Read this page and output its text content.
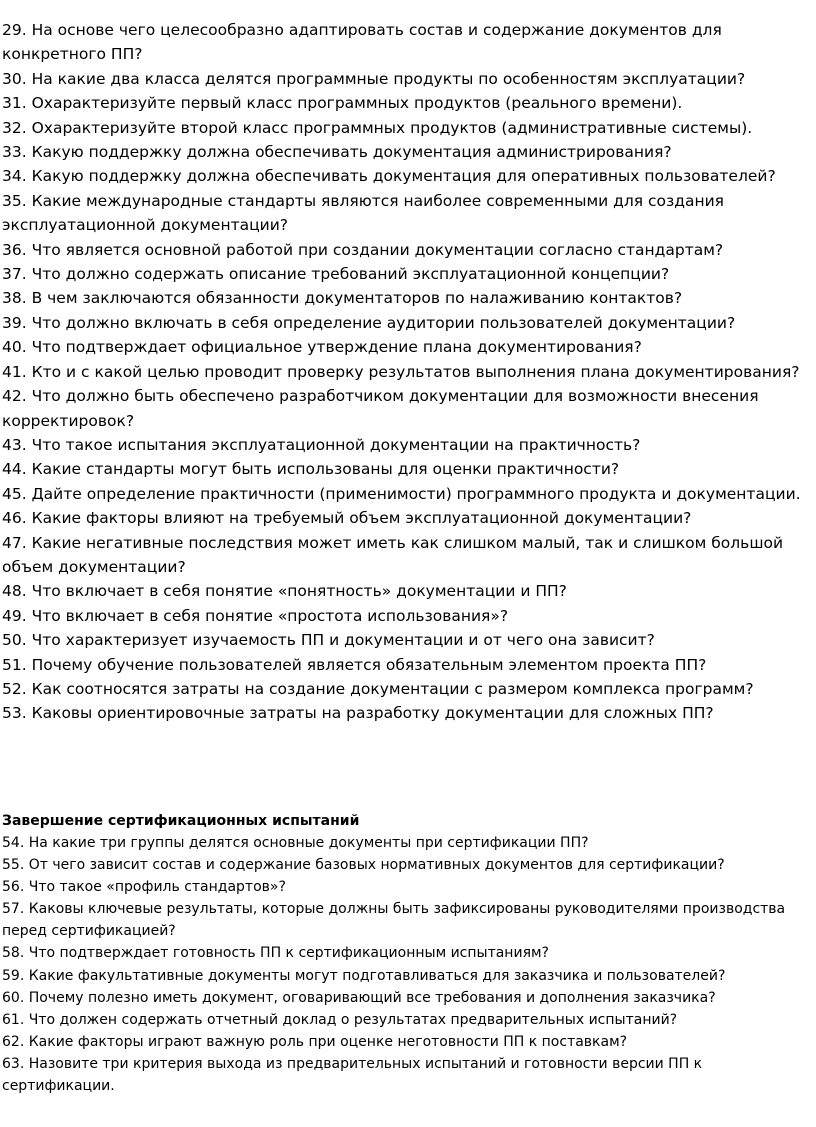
29. На основе чего целесообразно адаптировать состав и содержание документов для конкретного ПП?

30. На какие два класса делятся программные продукты по особенностям эксплуатации?

31. Охарактеризуйте первый класс программных продуктов (реального времени).

32. Охарактеризуйте второй класс программных продуктов (административные системы).

33. Какую поддержку должна обеспечивать документация администрирования?

34. Какую поддержку должна обеспечивать документация для оперативных пользователей?

35. Какие международные стандарты являются наиболее современными для создания эксплуатационной документации?

36. Что является основной работой при создании документации согласно стандартам?

37. Что должно содержать описание требований эксплуатационной концепции?

38. В чем заключаются обязанности документаторов по налаживанию контактов?

39. Что должно включать в себя определение аудитории пользователей документации?

40. Что подтверждает официальное утверждение плана документирования?

41. Кто и с какой целью проводит проверку результатов выполнения плана документирования?

42. Что должно быть обеспечено разработчиком документации для возможности внесения корректировок?

43. Что такое испытания эксплуатационной документации на практичность?

44. Какие стандарты могут быть использованы для оценки практичности?

45. Дайте определение практичности (применимости) программного продукта и документации.

46. Какие факторы влияют на требуемый объем эксплуатационной документации?

47. Какие негативные последствия может иметь как слишком малый, так и слишком большой объем документации?

48. Что включает в себя понятие «понятность» документации и ПП?

49. Что включает в себя понятие «простота использования»?

50. Что характеризует изучаемость ПП и документации и от чего она зависит?

51. Почему обучение пользователей является обязательным элементом проекта ПП?

52. Как соотносятся затраты на создание документации с размером комплекса программ?

53. Каковы ориентировочные затраты на разработку документации для сложных ПП?

Завершение сертификационных испытаний

54. На какие три группы делятся основные документы при сертификации ПП?

55. От чего зависит состав и содержание базовых нормативных документов для сертификации?

56. Что такое «профиль стандартов»?

57. Каковы ключевые результаты, которые должны быть зафиксированы руководителями производства перед сертификацией?

58. Что подтверждает готовность ПП к сертификационным испытаниям?

59. Какие факультативные документы могут подготавливаться для заказчика и пользователей?

60. Почему полезно иметь документ, оговаривающий все требования и дополнения заказчика?

61. Что должен содержать отчетный доклад о результатах предварительных испытаний?

62. Какие факторы играют важную роль при оценке неготовности ПП к поставкам?

63. Назовите три критерия выхода из предварительных испытаний и готовности версии ПП к сертификации.
